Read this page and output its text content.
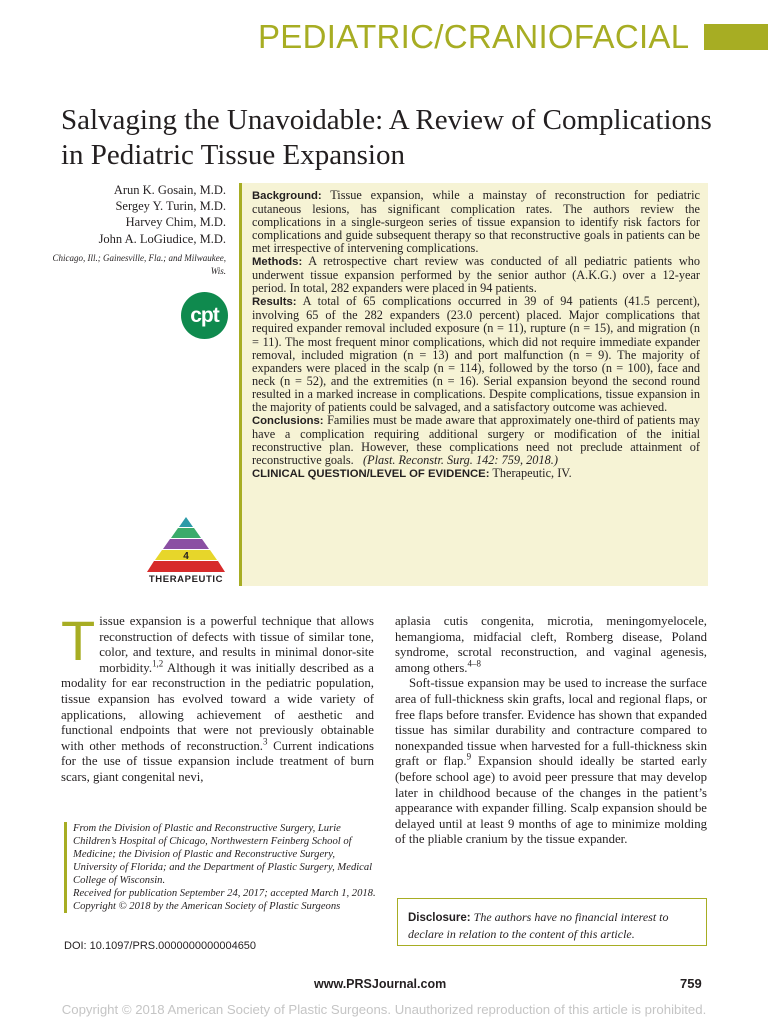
PEDIATRIC/CRANIOFACIAL
Salvaging the Unavoidable: A Review of Complications in Pediatric Tissue Expansion
Arun K. Gosain, M.D.
Sergey Y. Turin, M.D.
Harvey Chim, M.D.
John A. LoGiudice, M.D.
Chicago, Ill.; Gainesville, Fla.; and Milwaukee, Wis.
cpt
4
THERAPEUTIC

Background: Tissue expansion, while a mainstay of reconstruction for pediatric cutaneous lesions, has significant complication rates. The authors review the complications in a single-surgeon series of tissue expansion to identify risk factors for complications and guide subsequent therapy so that reconstructive goals in patients can be met irrespective of intervening complications.

Methods: A retrospective chart review was conducted of all pediatric patients who underwent tissue expansion performed by the senior author (A.K.G.) over a 12-year period. In total, 282 expanders were placed in 94 patients.

Results: A total of 65 complications occurred in 39 of 94 patients (41.5 percent), involving 65 of the 282 expanders (23.0 percent) placed. Major complications that required expander removal included exposure (n = 11), rupture (n = 15), and migration (n = 11). The most frequent minor complications, which did not require immediate expander removal, included migration (n = 13) and port malfunction (n = 9). The majority of expanders were placed in the scalp (n = 114), followed by the torso (n = 100), face and neck (n = 52), and the extremities (n = 16). Serial expansion beyond the second round resulted in a marked increase in complications. Despite complications, tissue expansion in the majority of patients could be salvaged, and a satisfactory outcome was achieved.

Conclusions: Families must be made aware that approximately one-third of patients may have a complication requiring additional surgery or modification of the initial reconstructive plan. However, these complications need not preclude attainment of reconstructive goals. (Plast. Reconstr. Surg. 142: 759, 2018.)

CLINICAL QUESTION/LEVEL OF EVIDENCE: Therapeutic, IV.

Tissue expansion is a powerful technique that allows reconstruction of defects with tissue of similar tone, color, and texture, and results in minimal donor-site morbidity.$^{1,2}$ Although it was initially described as a modality for ear reconstruction in the pediatric population, tissue expansion has evolved toward a wide variety of applications, allowing achievement of aesthetic and functional endpoints that were not previously obtainable with other methods of reconstruction.$^3$ Current indications for the use of tissue expansion include treatment of burn scars, giant congenital nevi,

aplasia cutis congenita, microtia, meningomyelocele, hemangioma, midfacial cleft, Romberg disease, Poland syndrome, scrotal reconstruction, and vaginal agenesis, among others.$^{4-8}$

Soft-tissue expansion may be used to increase the surface area of full-thickness skin grafts, local and regional flaps, or free flaps before transfer. Evidence has shown that expanded tissue has similar durability and contracture compared to nonexpanded tissue when harvested for a full-thickness skin graft or flap.$^9$ Expansion should ideally be started early (before school age) to avoid peer pressure that may develop later in childhood because of the changes in the patient’s appearance with expander filling. Scalp expansion should be delayed until at least 9 months of age to minimize molding of the pliable cranium by the tissue expander.

From the Division of Plastic and Reconstructive Surgery, Lurie Children’s Hospital of Chicago, Northwestern Feinberg School of Medicine; the Division of Plastic and Reconstructive Surgery, University of Florida; and the Department of Plastic Surgery, Medical College of Wisconsin.

Received for publication September 24, 2017; accepted March 1, 2018.

Copyright © 2018 by the American Society of Plastic Surgeons

DOI: 10.1097/PRS.0000000000004650
Disclosure: The authors have no financial interest to declare in relation to the content of this article.
www.PRSJournal.com	759
Copyright © 2018 American Society of Plastic Surgeons. Unauthorized reproduction of this article is prohibited.
